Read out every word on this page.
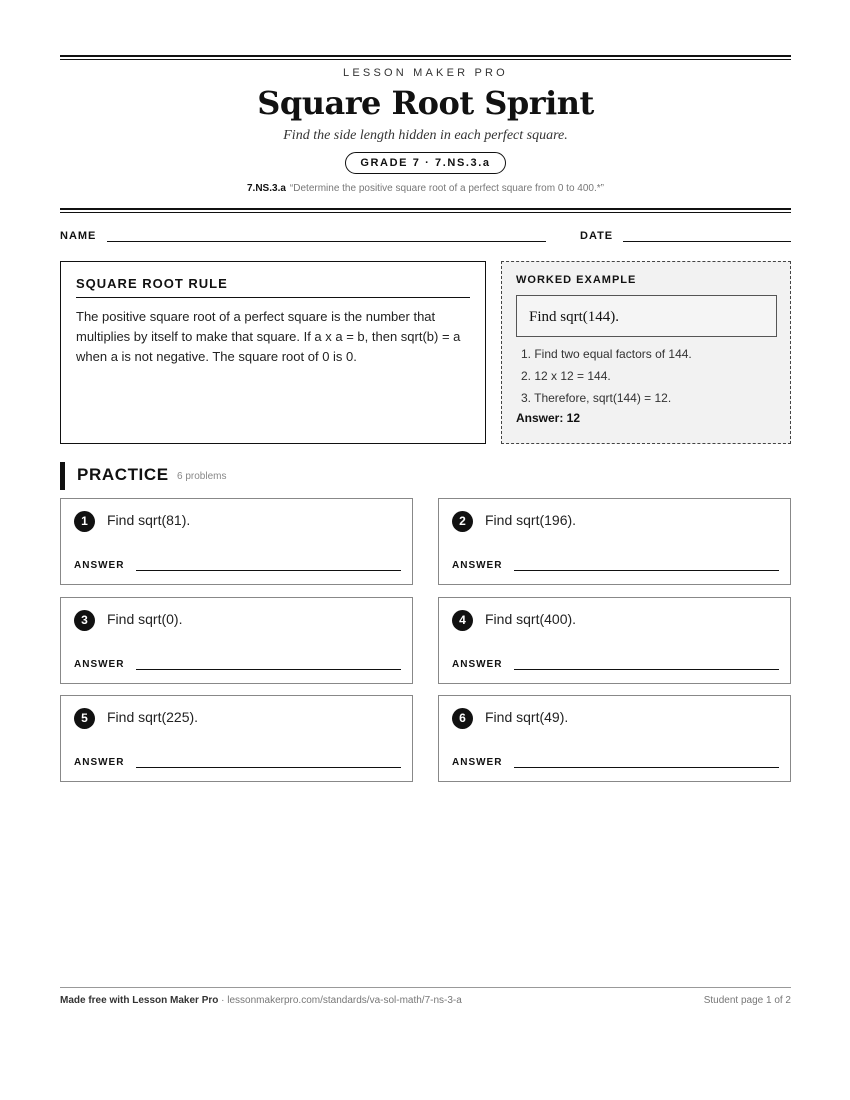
LESSON MAKER PRO
Square Root Sprint
Find the side length hidden in each perfect square.
GRADE 7 · 7.NS.3.a
7.NS.3.a “Determine the positive square root of a perfect square from 0 to 400.*”
NAME	DATE
SQUARE ROOT RULE

The positive square root of a perfect square is the number that multiplies by itself to make that square. If a x a = b, then sqrt(b) = a when a is not negative. The square root of 0 is 0.

WORKED EXAMPLE
Find sqrt(144).
1. Find two equal factors of 144.
2. 12 x 12 = 144.
3. Therefore, sqrt(144) = 12.
Answer: 12
PRACTICE 6 problems
1	Find sqrt(81).
ANSWER
2	Find sqrt(196).
ANSWER
3	Find sqrt(0).
ANSWER
4	Find sqrt(400).
ANSWER
5	Find sqrt(225).
ANSWER
6	Find sqrt(49).
ANSWER
Made free with Lesson Maker Pro · lessonmakerpro.com/standards/va-sol-math/7-ns-3-a	Student page 1 of 2
